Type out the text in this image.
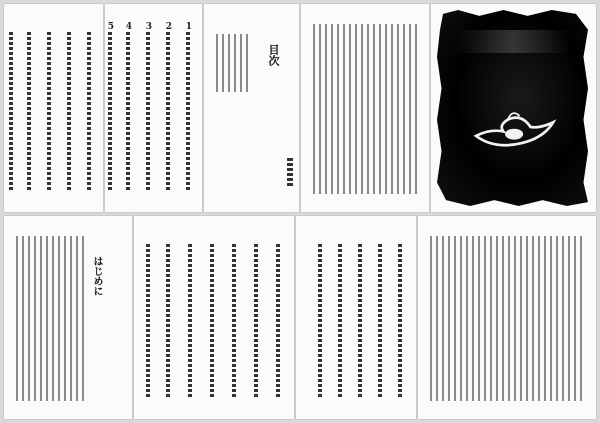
1
2
3
4
5
目次
はじめに
